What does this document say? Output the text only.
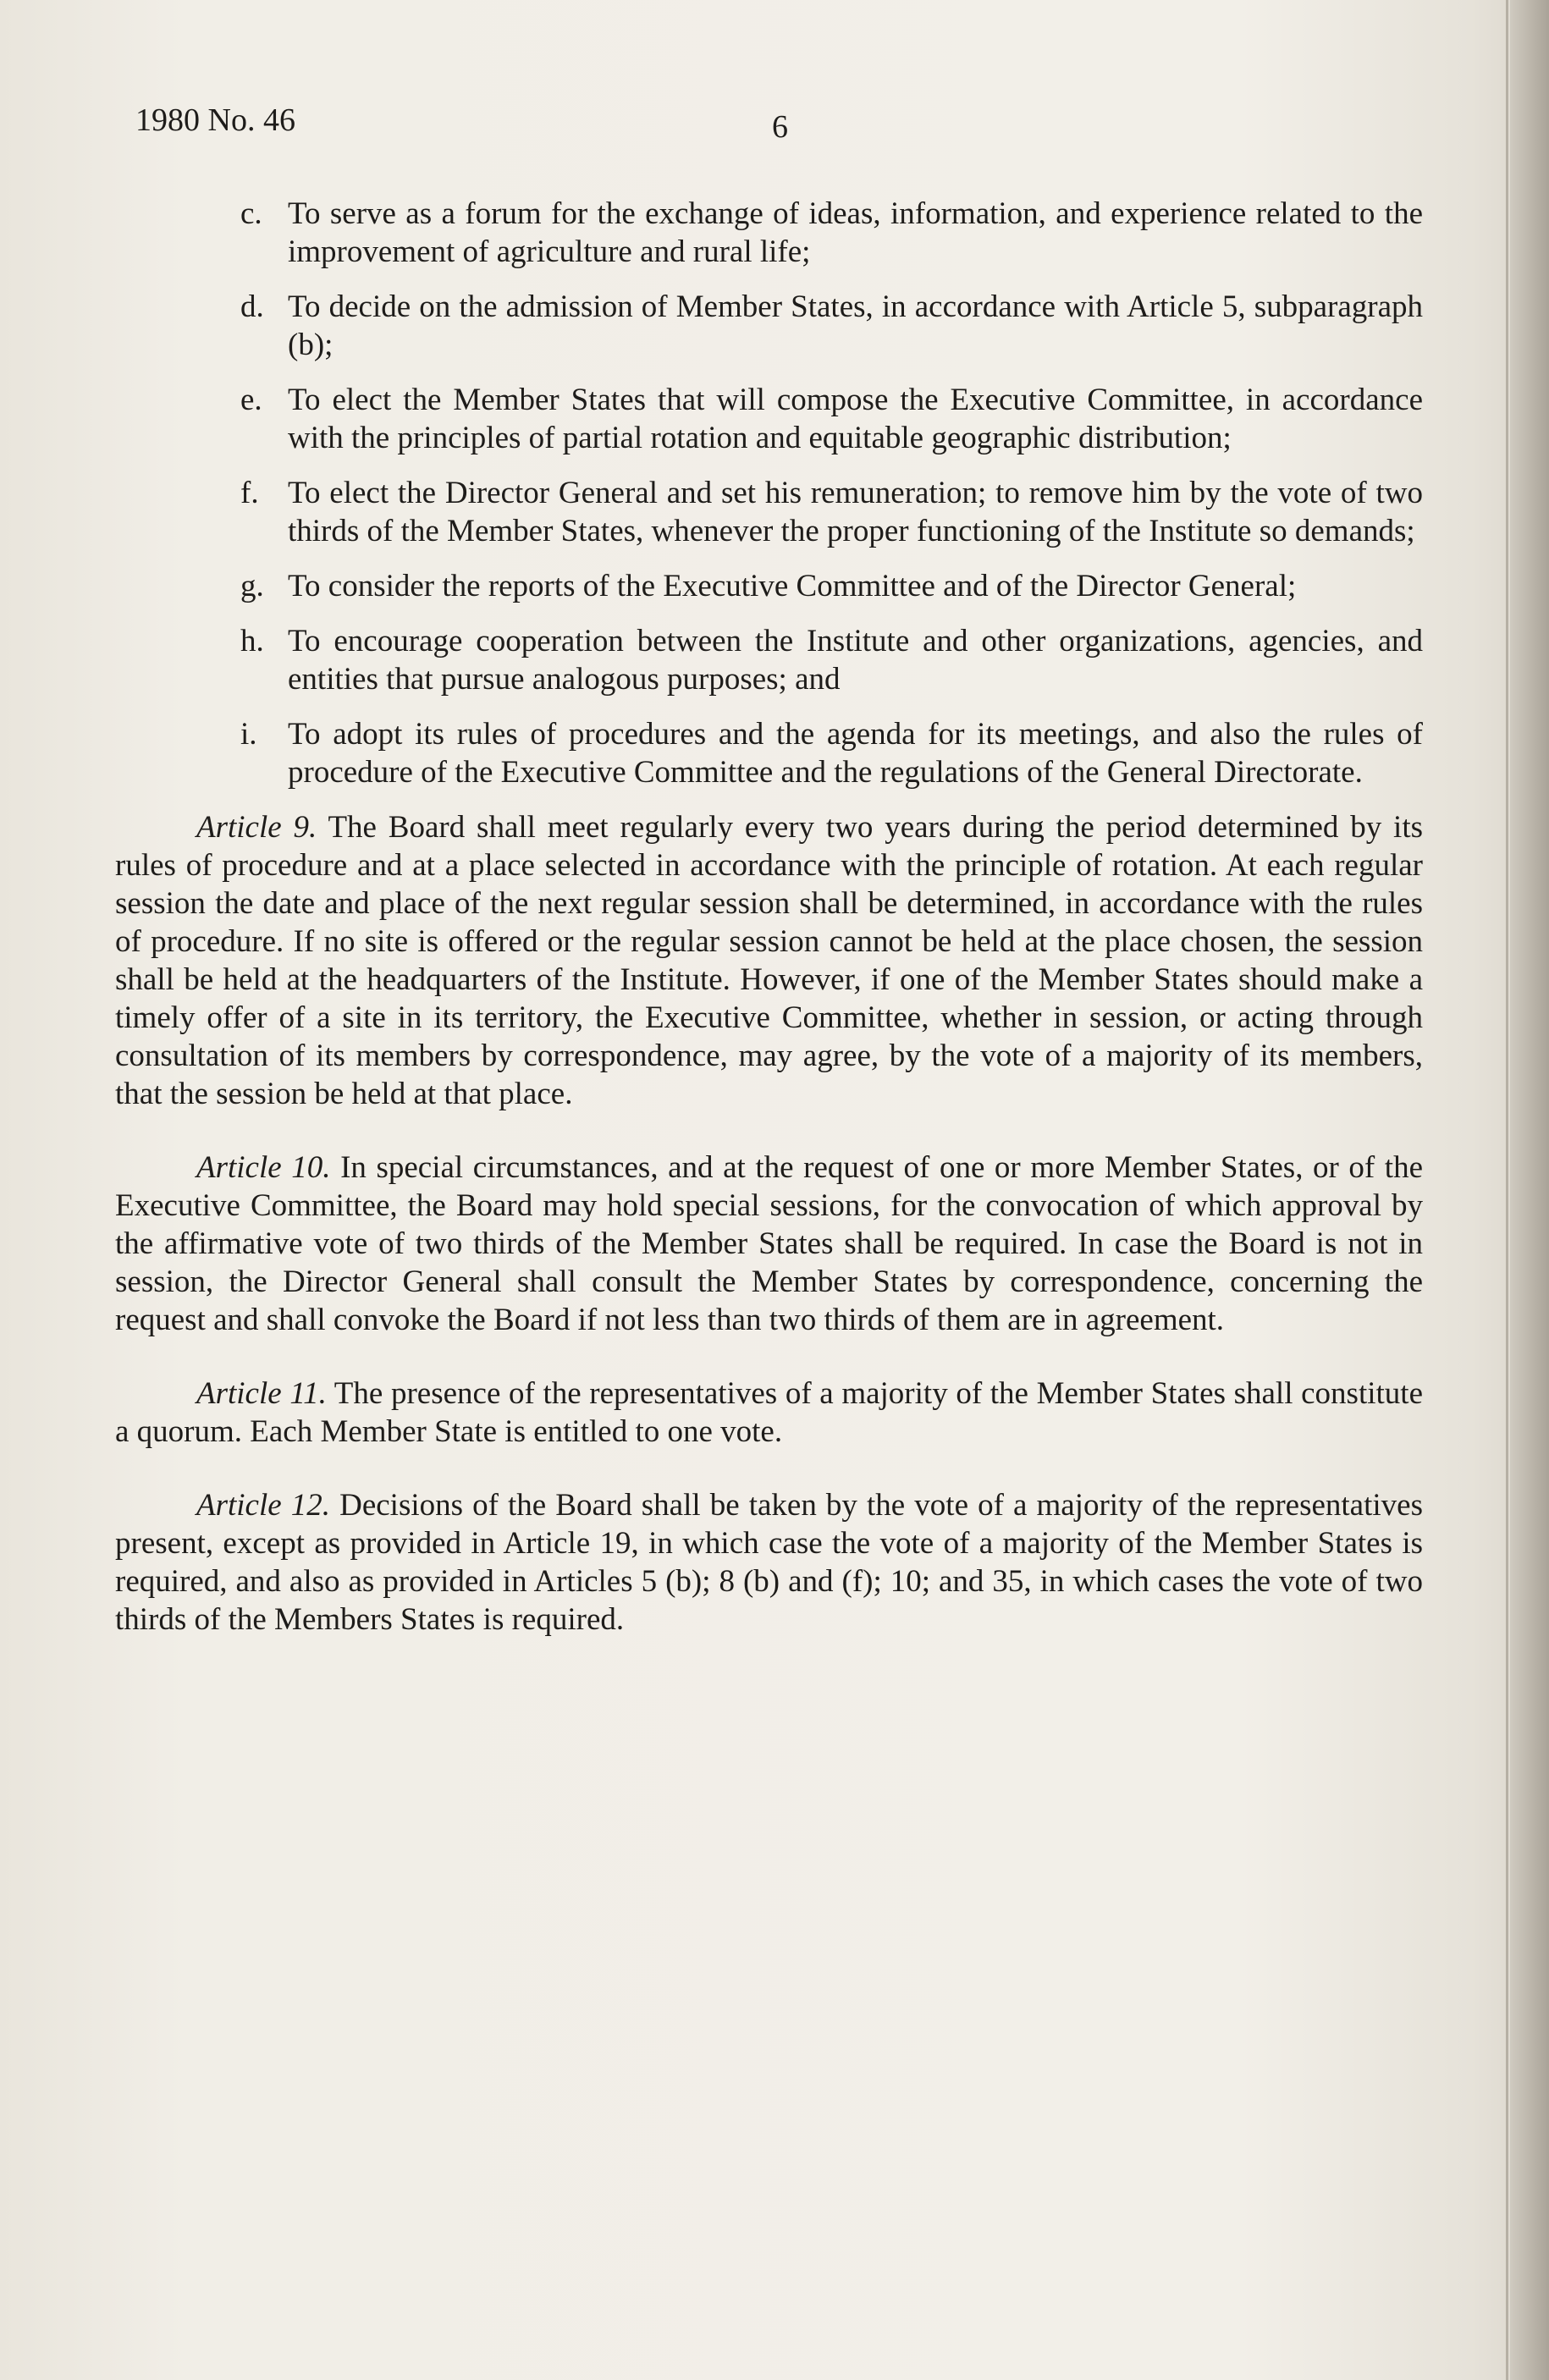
1980 No. 46	6
c. To serve as a forum for the exchange of ideas, information, and experience related to the improvement of agriculture and rural life;
d. To decide on the admission of Member States, in accordance with Article 5, subparagraph (b);
e. To elect the Member States that will compose the Executive Committee, in accordance with the principles of partial rotation and equitable geographic distribution;
f. To elect the Director General and set his remuneration; to remove him by the vote of two thirds of the Member States, whenever the proper functioning of the Institute so demands;
g. To consider the reports of the Executive Committee and of the Director General;
h. To encourage cooperation between the Institute and other organizations, agencies, and entities that pursue analogous purposes; and
i. To adopt its rules of procedures and the agenda for its meetings, and also the rules of procedure of the Executive Committee and the regulations of the General Directorate.

Article 9. The Board shall meet regularly every two years during the period determined by its rules of procedure and at a place selected in accordance with the principle of rotation. At each regular session the date and place of the next regular session shall be determined, in accordance with the rules of procedure. If no site is offered or the regular session cannot be held at the place chosen, the session shall be held at the headquarters of the Institute. However, if one of the Member States should make a timely offer of a site in its territory, the Executive Committee, whether in session, or acting through consultation of its members by correspondence, may agree, by the vote of a majority of its members, that the session be held at that place.

Article 10. In special circumstances, and at the request of one or more Member States, or of the Executive Committee, the Board may hold special sessions, for the convocation of which approval by the affirmative vote of two thirds of the Member States shall be required. In case the Board is not in session, the Director General shall consult the Member States by correspondence, concerning the request and shall convoke the Board if not less than two thirds of them are in agreement.

Article 11. The presence of the representatives of a majority of the Member States shall constitute a quorum. Each Member State is entitled to one vote.

Article 12. Decisions of the Board shall be taken by the vote of a majority of the representatives present, except as provided in Article 19, in which case the vote of a majority of the Member States is required, and also as provided in Articles 5 (b); 8 (b) and (f); 10; and 35, in which cases the vote of two thirds of the Members States is required.
